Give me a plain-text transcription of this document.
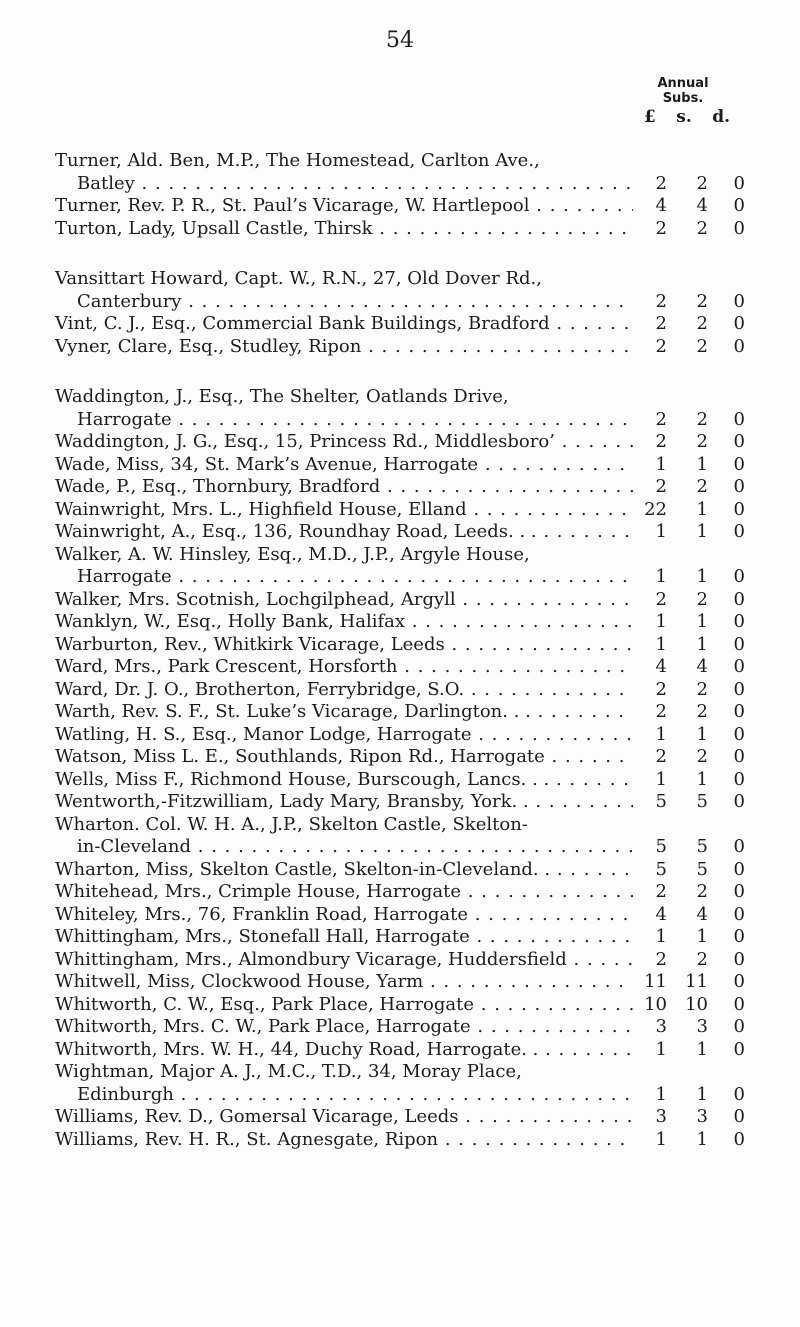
54
Annual
Subs.
£ s. d.
Turner, Ald. Ben, M.P., The Homestead, Carlton Ave.,
Batley . . .	2	2	0
Turner, Rev. P. R., St. Paul’s Vicarage, W. Hartlepool . . .	4	4	0
Turton, Lady, Upsall Castle, Thirsk . . .	2	2	0
Vansittart Howard, Capt. W., R.N., 27, Old Dover Rd.,
Canterbury . . .	2	2	0
Vint, C. J., Esq., Commercial Bank Buildings, Bradford . . .	2	2	0
Vyner, Clare, Esq., Studley, Ripon . . .	2	2	0
Waddington, J., Esq., The Shelter, Oatlands Drive,
Harrogate . . .	2	2	0
Waddington, J. G., Esq., 15, Princess Rd., Middlesboro’ . . .	2	2	0
Wade, Miss, 34, St. Mark’s Avenue, Harrogate . . .	1	1	0
Wade, P., Esq., Thornbury, Bradford . . .	2	2	0
Wainwright, Mrs. L., Highfield House, Elland . . .	22	1	0
Wainwright, A., Esq., 136, Roundhay Road, Leeds. . . . . .	1	1	0
Walker, A. W. Hinsley, Esq., M.D., J.P., Argyle House,
Harrogate . . .	1	1	0
Walker, Mrs. Scotnish, Lochgilphead, Argyll . . .	2	2	0
Wanklyn, W., Esq., Holly Bank, Halifax . . .	1	1	0
Warburton, Rev., Whitkirk Vicarage, Leeds . . .	1	1	0
Ward, Mrs., Park Crescent, Horsforth . . .	4	4	0
Ward, Dr. J. O., Brotherton, Ferrybridge, S.O. . . .	2	2	0
Warth, Rev. S. F., St. Luke’s Vicarage, Darlington. . . . . .	2	2	0
Watling, H. S., Esq., Manor Lodge, Harrogate . . .	1	1	0
Watson, Miss L. E., Southlands, Ripon Rd., Harrogate . . .	2	2	0
Wells, Miss F., Richmond House, Burscough, Lancs. . . . . .	1	1	0
Wentworth,-Fitzwilliam, Lady Mary, Bransby, York. . . . .	5	5	0
Wharton. Col. W. H. A., J.P., Skelton Castle, Skelton-
in-Cleveland . . .	5	5	0
Wharton, Miss, Skelton Castle, Skelton-in-Cleveland. . . . .	5	5	0
Whitehead, Mrs., Crimple House, Harrogate . . .	2	2	0
Whiteley, Mrs., 76, Franklin Road, Harrogate . . .	4	4	0
Whittingham, Mrs., Stonefall Hall, Harrogate . . .	1	1	0
Whittingham, Mrs., Almondbury Vicarage, Huddersfield . . .	2	2	0
Whitwell, Miss, Clockwood House, Yarm . . .	11	11	0
Whitworth, C. W., Esq., Park Place, Harrogate . . .	10	10	0
Whitworth, Mrs. C. W., Park Place, Harrogate . . .	3	3	0
Whitworth, Mrs. W. H., 44, Duchy Road, Harrogate. . . . .	1	1	0
Wightman, Major A. J., M.C., T.D., 34, Moray Place,
Edinburgh . . .	1	1	0
Williams, Rev. D., Gomersal Vicarage, Leeds . . .	3	3	0
Williams, Rev. H. R., St. Agnesgate, Ripon . . .	1	1	0
